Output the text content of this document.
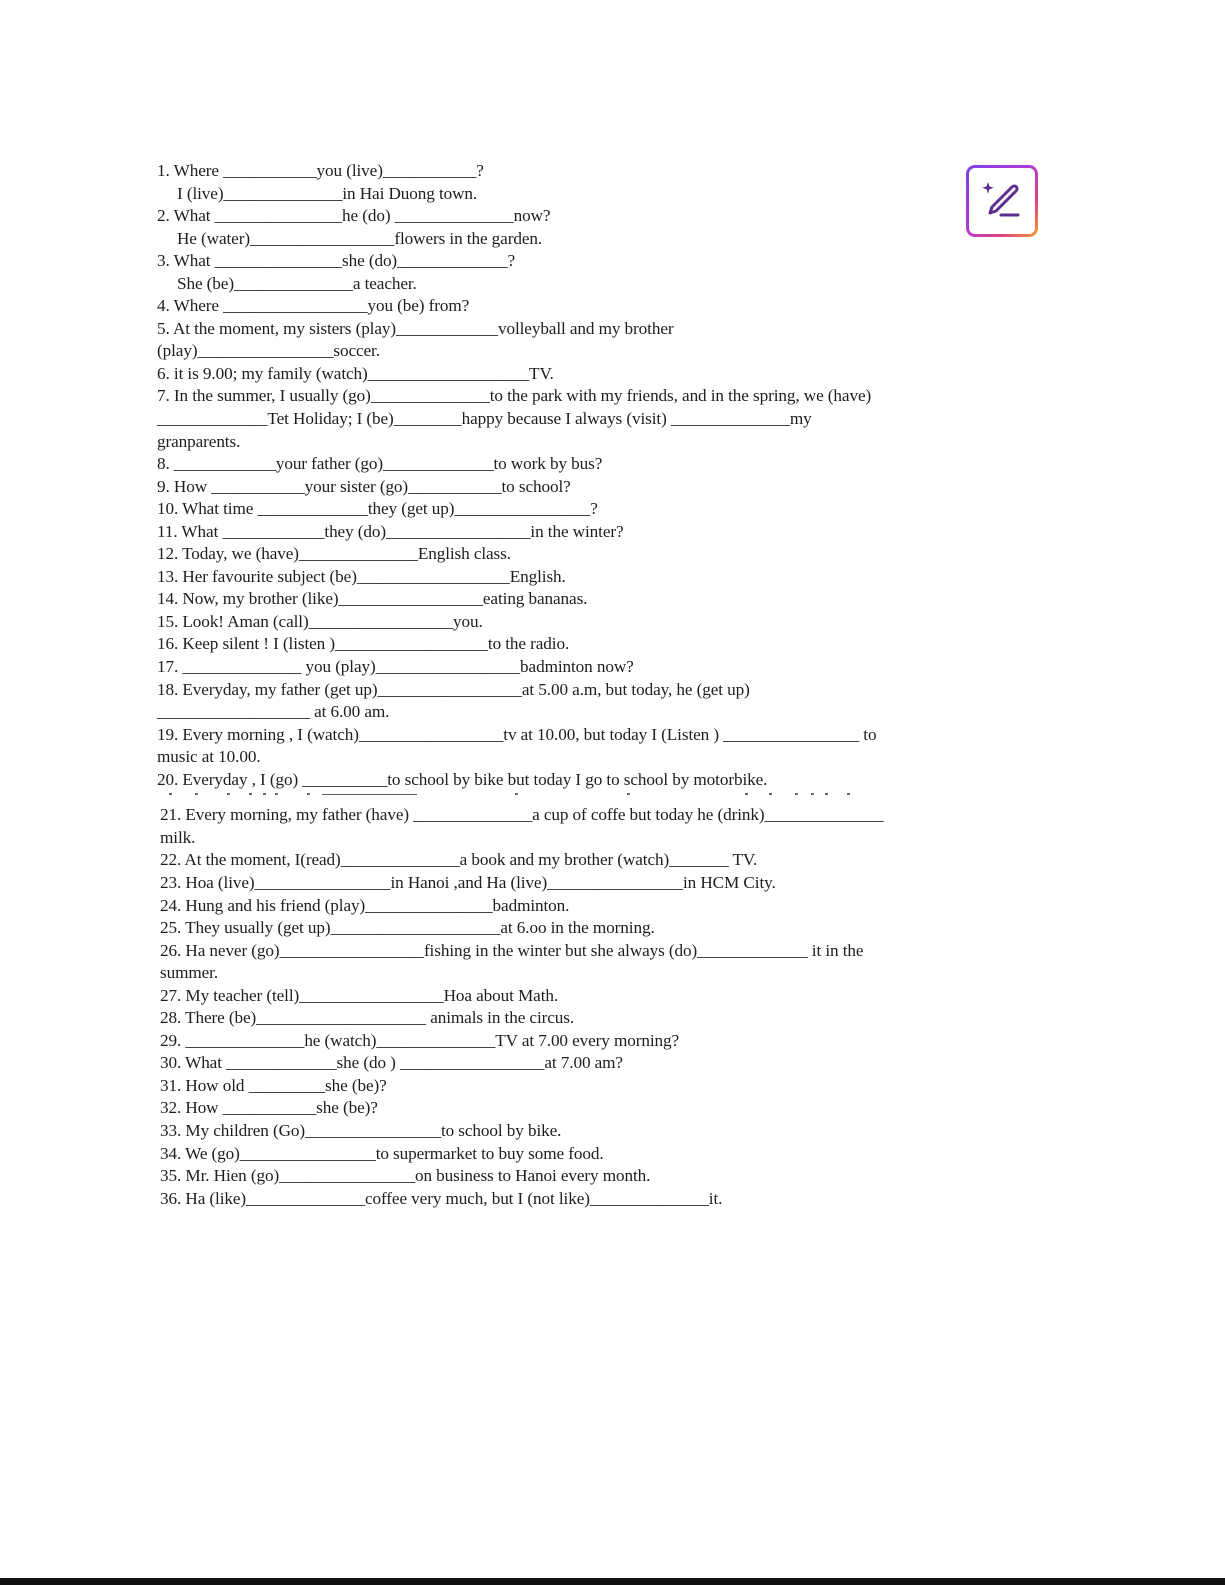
1. Where ___________you (live)___________?
I (live)______________in Hai Duong town.
2. What _______________he (do) ______________now?
He (water)_________________flowers in the garden.
3. What _______________she (do)_____________?
She (be)______________a teacher.
4. Where _________________you (be) from?
5. At the moment, my sisters (play)____________volleyball and my brother
(play)________________soccer.
6. it is 9.00; my family (watch)___________________TV.
7. In the summer, I usually (go)______________to the park with my friends, and in the spring, we (have)
_____________Tet Holiday; I (be)________happy because I always (visit) ______________my
granparents.
8. ____________your father (go)_____________to work by bus?
9. How ___________your sister (go)___________to school?
10. What time _____________they (get up)________________?
11. What ____________they (do)_________________in the winter?
12. Today, we (have)______________English class.
13. Her favourite subject (be)__________________English.
14. Now, my brother (like)_________________eating bananas.
15. Look! Aman (call)_________________you.
16. Keep silent ! I (listen )__________________to the radio.
17. ______________ you (play)_________________badminton now?
18. Everyday, my father (get up)_________________at 5.00 a.m, but today, he (get up)
__________________ at 6.00 am.
19. Every morning , I (watch)_________________tv at 10.00, but today I (Listen ) ________________ to
music at 10.00.
20. Everyday , I (go) __________to school by bike but today I go to school by motorbike.
21. Every morning, my father (have) ______________a cup of coffe but today he (drink)______________
milk.
22. At the moment, I(read)______________a book and my brother (watch)_______ TV.
23. Hoa (live)________________in Hanoi ,and Ha (live)________________in HCM City.
24. Hung and his friend (play)_______________badminton.
25. They usually (get up)____________________at 6.oo in the morning.
26. Ha never (go)_________________fishing in the winter but she always (do)_____________ it in the
summer.
27. My teacher (tell)_________________Hoa about Math.
28. There (be)____________________ animals in the circus.
29. ______________he (watch)______________TV at 7.00 every morning?
30. What _____________she (do ) _________________at 7.00 am?
31. How old _________she (be)?
32. How ___________she (be)?
33. My children (Go)________________to school by bike.
34. We (go)________________to supermarket to buy some food.
35. Mr. Hien (go)________________on business to Hanoi every month.
36. Ha (like)______________coffee very much, but I (not like)______________it.
